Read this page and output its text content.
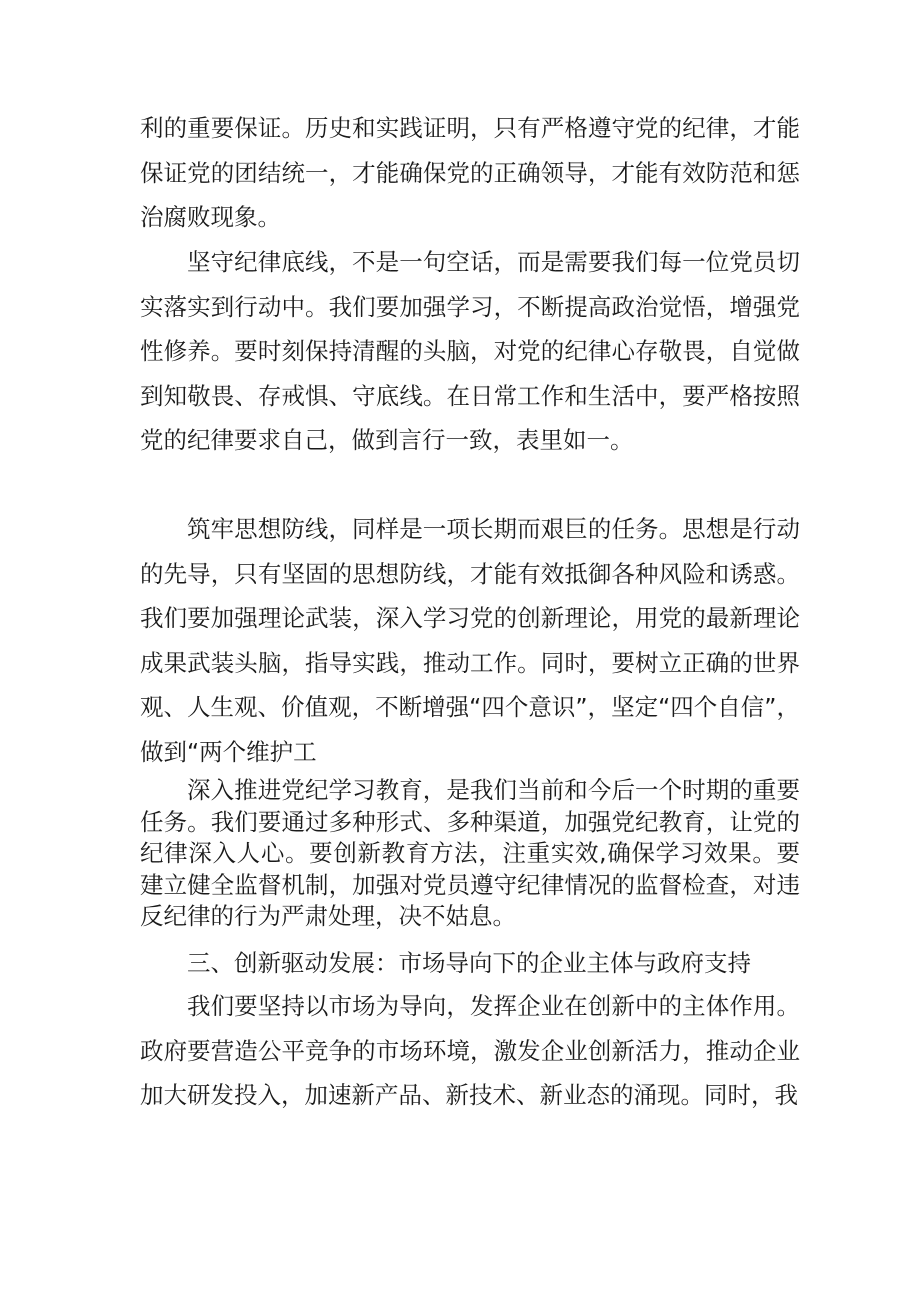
利的重要保证。历史和实践证明，只有严格遵守党的纪律，才能保证党的团结统一，才能确保党的正确领导，才能有效防范和惩治腐败现象。

坚守纪律底线，不是一句空话，而是需要我们每一位党员切实落实到行动中。我们要加强学习，不断提高政治觉悟，增强党性修养。要时刻保持清醒的头脑，对党的纪律心存敬畏，自觉做到知敬畏、存戒惧、守底线。在日常工作和生活中，要严格按照党的纪律要求自己，做到言行一致，表里如一。

筑牢思想防线，同样是一项长期而艰巨的任务。思想是行动的先导，只有坚固的思想防线，才能有效抵御各种风险和诱惑。我们要加强理论武装，深入学习党的创新理论，用党的最新理论成果武装头脑，指导实践，推动工作。同时，要树立正确的世界观、人生观、价值观，不断增强“四个意识”，坚定“四个自信”，做到“两个维护工

深入推进党纪学习教育，是我们当前和今后一个时期的重要任务。我们要通过多种形式、多种渠道，加强党纪教育，让党的纪律深入人心。要创新教育方法，注重实效,确保学习效果。要建立健全监督机制，加强对党员遵守纪律情况的监督检查，对违反纪律的行为严肃处理，决不姑息。

三、创新驱动发展：市场导向下的企业主体与政府支持

我们要坚持以市场为导向，发挥企业在创新中的主体作用。政府要营造公平竞争的市场环境，激发企业创新活力，推动企业加大研发投入，加速新产品、新技术、新业态的涌现。同时，我
